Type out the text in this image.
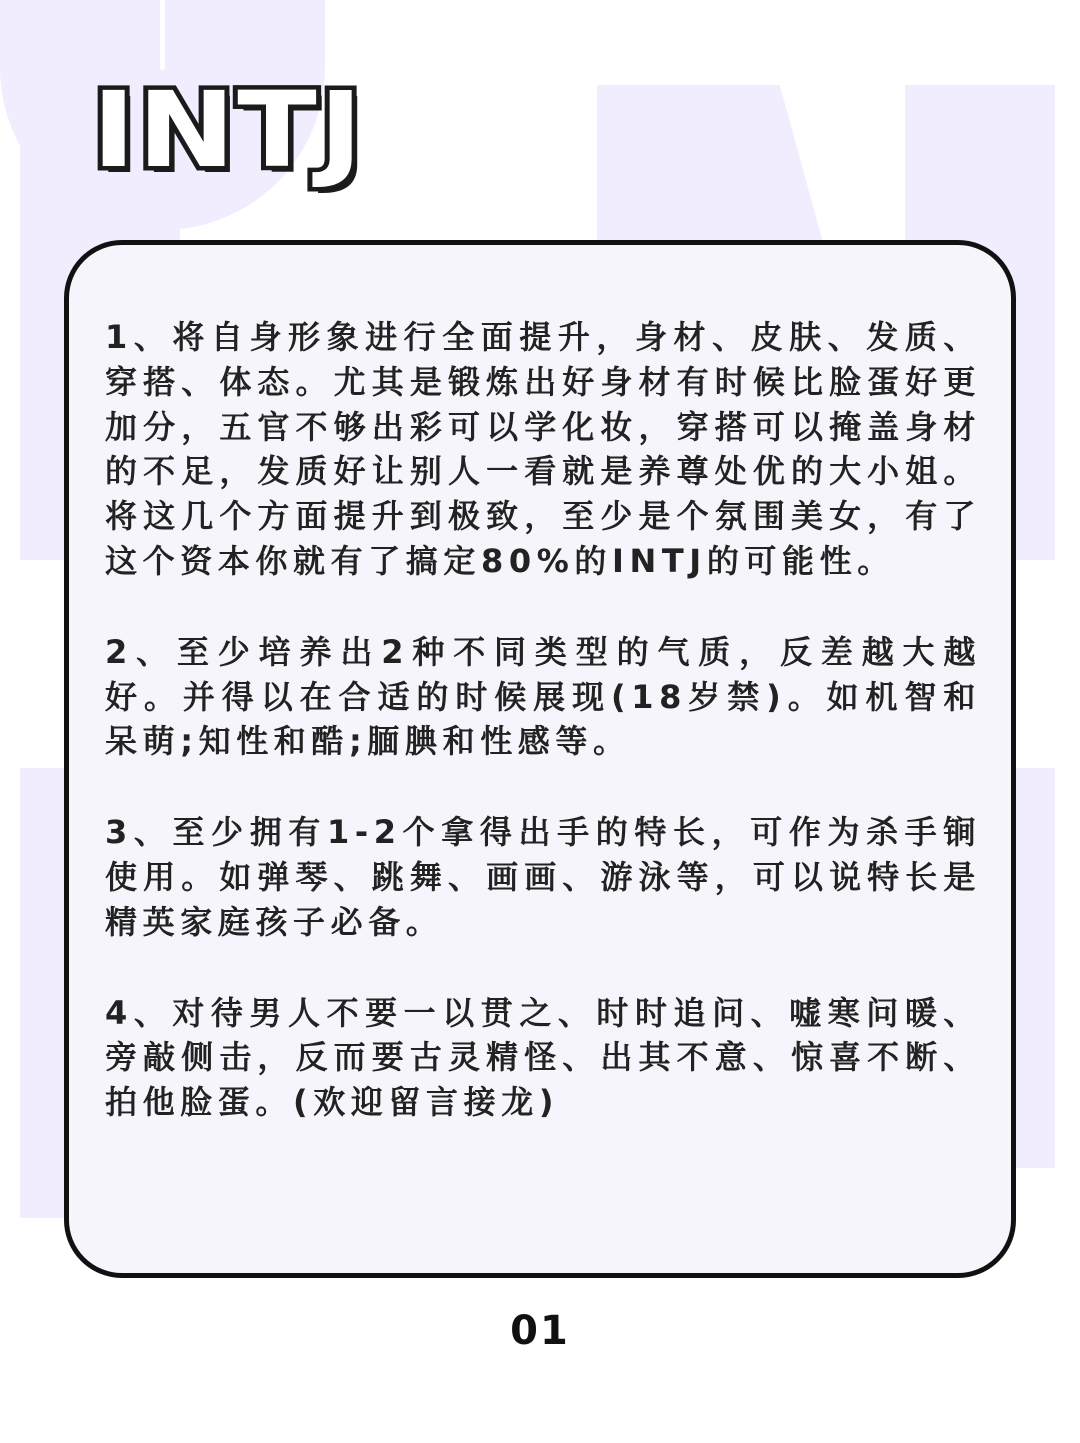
INTJ

1、将自身形象进行全面提升，身材、皮肤、发质、穿搭、体态。尤其是锻炼出好身材有时候比脸蛋好更加分，五官不够出彩可以学化妆，穿搭可以掩盖身材的不足，发质好让别人一看就是养尊处优的大小姐。将这几个方面提升到极致，至少是个氛围美女，有了这个资本你就有了搞定80%的INTJ的可能性。

2、至少培养出2种不同类型的气质，反差越大越好。并得以在合适的时候展现(18岁禁)。如机智和呆萌;知性和酷;腼腆和性感等。

3、至少拥有1-2个拿得出手的特长，可作为杀手锏使用。如弹琴、跳舞、画画、游泳等，可以说特长是精英家庭孩子必备。

4、对待男人不要一以贯之、时时追问、嘘寒问暖、旁敲侧击，反而要古灵精怪、出其不意、惊喜不断、拍他脸蛋。(欢迎留言接龙)

01
